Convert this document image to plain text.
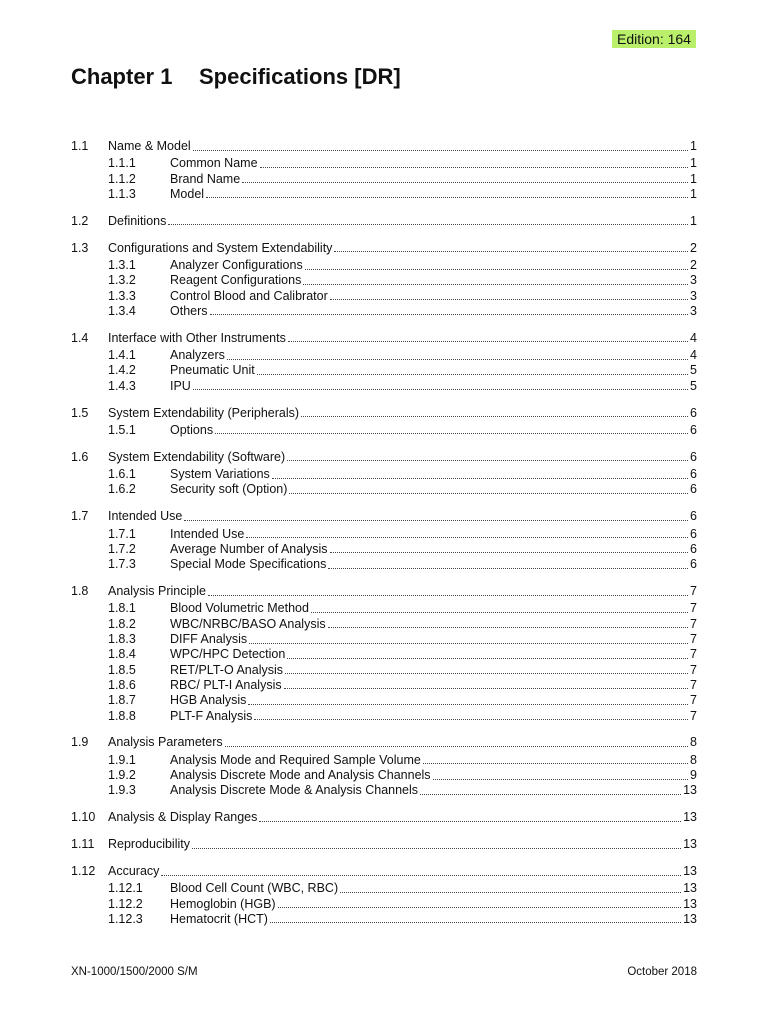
Edition: 164
Chapter 1 Specifications [DR]
1.1 Name & Model	1
1.1.1	Common Name	1
1.1.2	Brand Name	1
1.1.3	Model	1
1.2 Definitions	1
1.3 Configurations and System Extendability	2
1.3.1	Analyzer Configurations	2
1.3.2	Reagent Configurations	3
1.3.3	Control Blood and Calibrator	3
1.3.4	Others	3
1.4 Interface with Other Instruments	4
1.4.1	Analyzers	4
1.4.2	Pneumatic Unit	5
1.4.3	IPU	5
1.5 System Extendability (Peripherals)	6
1.5.1	Options	6
1.6 System Extendability (Software)	6
1.6.1	System Variations	6
1.6.2	Security soft (Option)	6
1.7 Intended Use	6
1.7.1	Intended Use	6
1.7.2	Average Number of Analysis	6
1.7.3	Special Mode Specifications	6
1.8 Analysis Principle	7
1.8.1	Blood Volumetric Method	7
1.8.2	WBC/NRBC/BASO Analysis	7
1.8.3	DIFF Analysis	7
1.8.4	WPC/HPC Detection	7
1.8.5	RET/PLT-O Analysis	7
1.8.6	RBC/ PLT-I Analysis	7
1.8.7	HGB Analysis	7
1.8.8	PLT-F Analysis	7
1.9 Analysis Parameters	8
1.9.1	Analysis Mode and Required Sample Volume	8
1.9.2	Analysis Discrete Mode and Analysis Channels	9
1.9.3	Analysis Discrete Mode & Analysis Channels	13
1.10 Analysis & Display Ranges	13
1.11 Reproducibility	13
1.12 Accuracy	13
1.12.1 Blood Cell Count (WBC, RBC)	13
1.12.2 Hemoglobin (HGB)	13
1.12.3 Hematocrit (HCT)	13
XN-1000/1500/2000 S/M	October 2018
